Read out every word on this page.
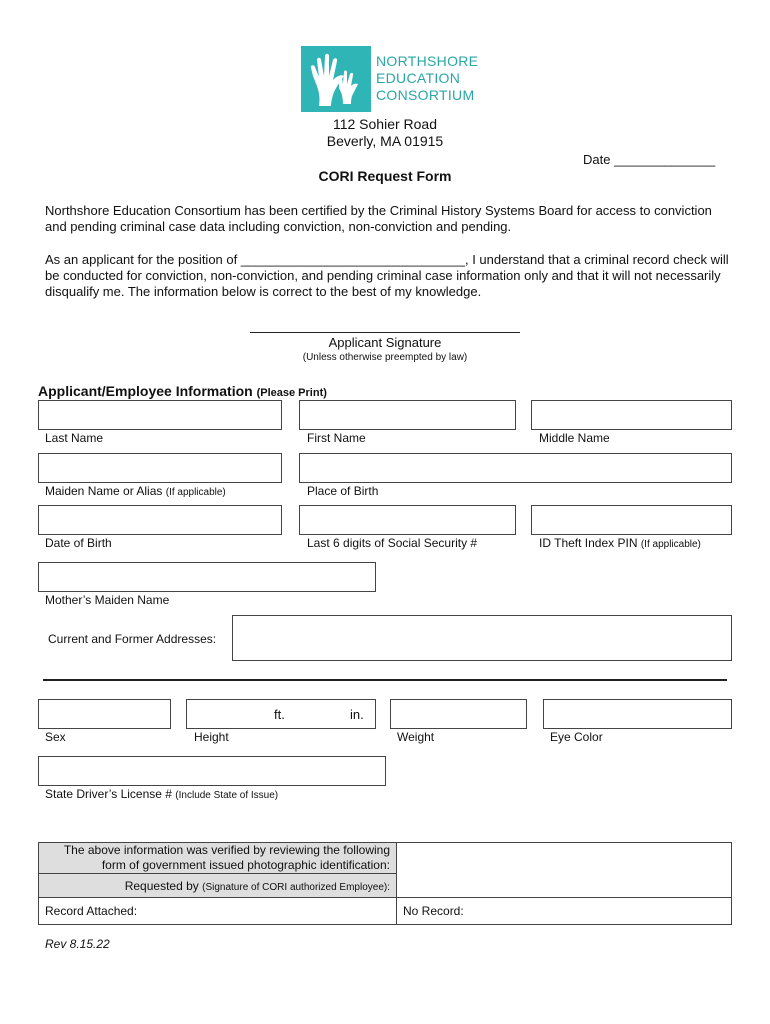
NORTHSHORE
EDUCATION
CONSORTIUM
112 Sohier Road
Beverly, MA 01915
Date ______________
CORI Request Form

Northshore Education Consortium has been certified by the Criminal History Systems Board for access to conviction and pending criminal case data including conviction, non-conviction and pending.

As an applicant for the position of _______________________________, I understand that a criminal record check will be conducted for conviction, non-conviction, and pending criminal case information only and that it will not necessarily disqualify me. The information below is correct to the best of my knowledge.

Applicant Signature
(Unless otherwise preempted by law)
Applicant/Employee Information (Please Print)
Last Name	First Name	Middle Name
Maiden Name or Alias (If applicable)	Place of Birth
Date of Birth	Last 6 digits of Social Security #	ID Theft Index PIN (If applicable)
Mother’s Maiden Name
Current and Former Addresses:
ft.	in.
Sex	Height	Weight	Eye Color
State Driver’s License # (Include State of Issue)
The above information was verified by reviewing the following
form of government issued photographic identification:	

Requested by (Signature of CORI authorized Employee):	
Record Attached:	No Record:
Rev 8.15.22
